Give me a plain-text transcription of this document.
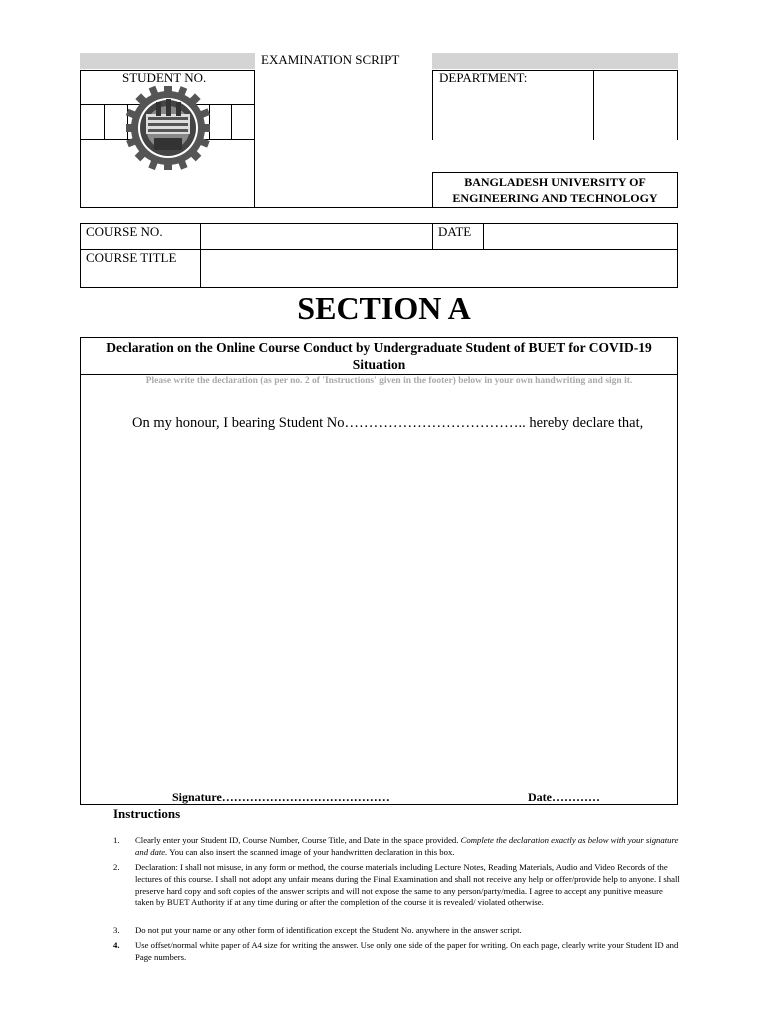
EXAMINATION SCRIPT
STUDENT NO.	DEPARTMENT:
BANGLADESH UNIVERSITY OF ENGINEERING AND TECHNOLOGY
COURSE NO.	DATE
COURSE TITLE
SECTION A
Declaration on the Online Course Conduct by Undergraduate Student of BUET for COVID-19 Situation
Please write the declaration (as per no. 2 of 'Instructions' given in the footer) below in your own handwriting and sign it.
On my honour, I bearing Student No……………………………….. hereby declare that,
Signature……………………………………	Date…………
Instructions
1. Clearly enter your Student ID, Course Number, Course Title, and Date in the space provided. Complete the declaration exactly as below with your signature and date. You can also insert the scanned image of your handwritten declaration in this box.
2. Declaration: I shall not misuse, in any form or method, the course materials including Lecture Notes, Reading Materials, Audio and Video Records of the lectures of this course. I shall not adopt any unfair means during the Final Examination and shall not receive any help or offer/provide help to anyone. I shall preserve hard copy and soft copies of the answer scripts and will not expose the same to any person/party/media. I agree to accept any punitive measure taken by BUET Authority if at any time during or after the completion of the course it is revealed/ violated otherwise.
3. Do not put your name or any other form of identification except the Student No. anywhere in the answer script.
4. Use offset/normal white paper of A4 size for writing the answer. Use only one side of the paper for writing. On each page, clearly write your Student ID and Page numbers.
